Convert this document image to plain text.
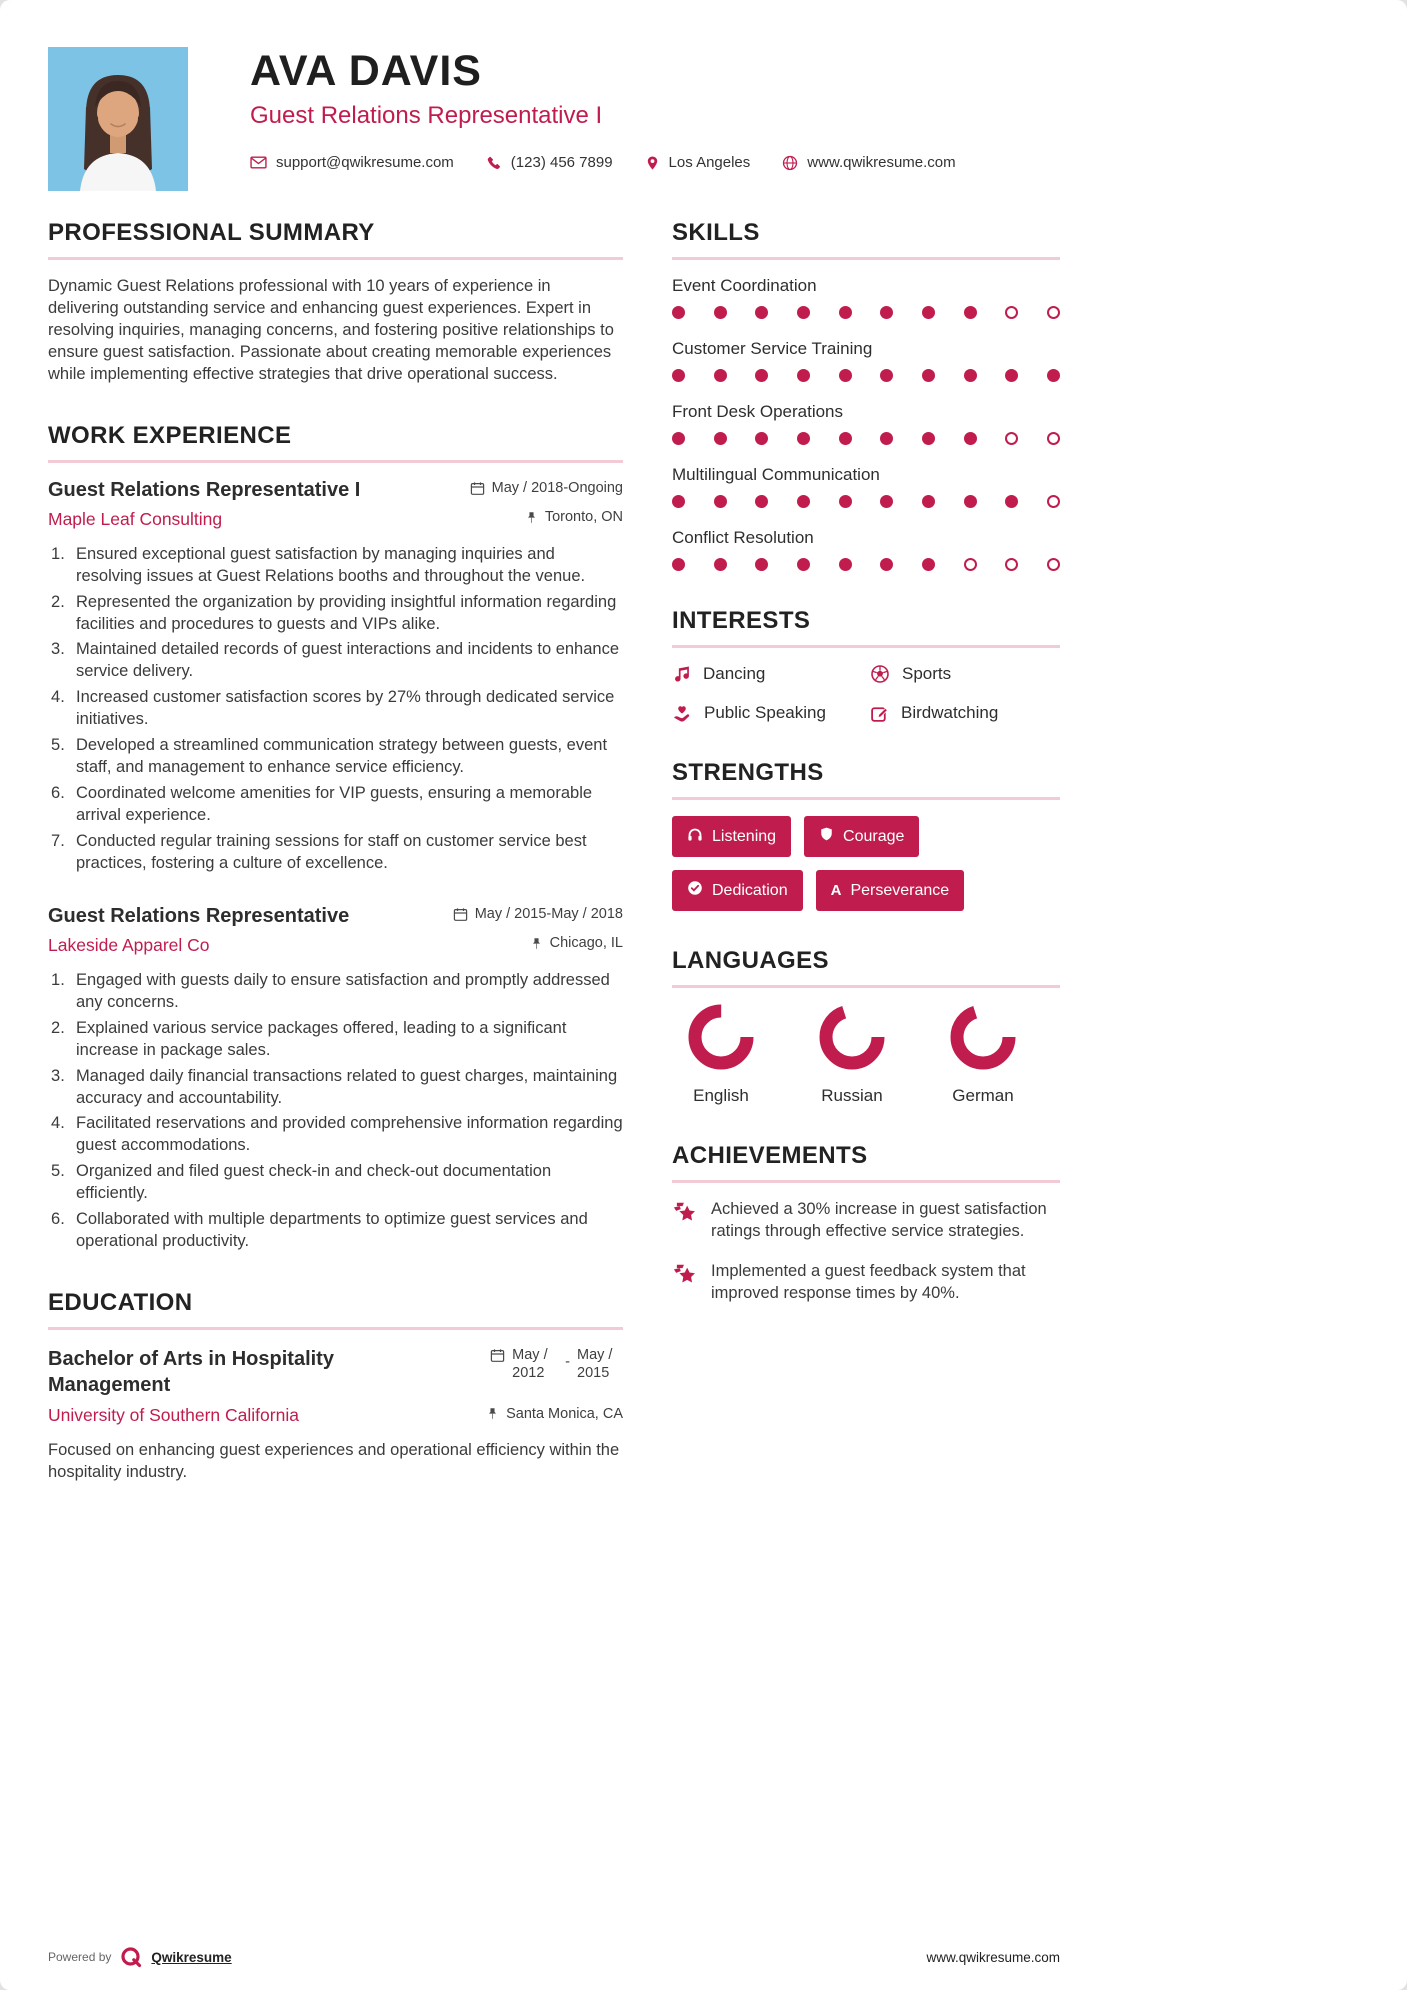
AVA DAVIS
Guest Relations Representative I
support@qwikresume.com	(123) 456 7899	Los Angeles	www.qwikresume.com
PROFESSIONAL SUMMARY

Dynamic Guest Relations professional with 10 years of experience in delivering outstanding service and enhancing guest experiences. Expert in resolving inquiries, managing concerns, and fostering positive relationships to ensure guest satisfaction. Passionate about creating memorable experiences while implementing effective strategies that drive operational success.

WORK EXPERIENCE
Guest Relations Representative I	May / 2018-Ongoing
Maple Leaf Consulting	Toronto, ON
Ensured exceptional guest satisfaction by managing inquiries and resolving issues at Guest Relations booths and throughout the venue.
Represented the organization by providing insightful information regarding facilities and procedures to guests and VIPs alike.
Maintained detailed records of guest interactions and incidents to enhance service delivery.
Increased customer satisfaction scores by 27% through dedicated service initiatives.
Developed a streamlined communication strategy between guests, event staff, and management to enhance service efficiency.
Coordinated welcome amenities for VIP guests, ensuring a memorable arrival experience.
Conducted regular training sessions for staff on customer service best practices, fostering a culture of excellence.
Guest Relations Representative	May / 2015-May / 2018
Lakeside Apparel Co	Chicago, IL
Engaged with guests daily to ensure satisfaction and promptly addressed any concerns.
Explained various service packages offered, leading to a significant increase in package sales.
Managed daily financial transactions related to guest charges, maintaining accuracy and accountability.
Facilitated reservations and provided comprehensive information regarding guest accommodations.
Organized and filed guest check-in and check-out documentation efficiently.
Collaborated with multiple departments to optimize guest services and operational productivity.
EDUCATION
Bachelor of Arts in Hospitality Management
May / 2012
- May / 2015
University of Southern California	Santa Monica, CA

Focused on enhancing guest experiences and operational efficiency within the hospitality industry.

SKILLS
Event Coordination
Customer Service Training
Front Desk Operations
Multilingual Communication
Conflict Resolution
INTERESTS
Dancing	Sports
Public Speaking	Birdwatching
STRENGTHS
Listening	Courage
Dedication	A Perseverance
LANGUAGES
English	Russian	German
ACHIEVEMENTS
Achieved a 30% increase in guest satisfaction ratings through effective service strategies.
Implemented a guest feedback system that improved response times by 40%.
Powered by	Qwikresume	www.qwikresume.com
